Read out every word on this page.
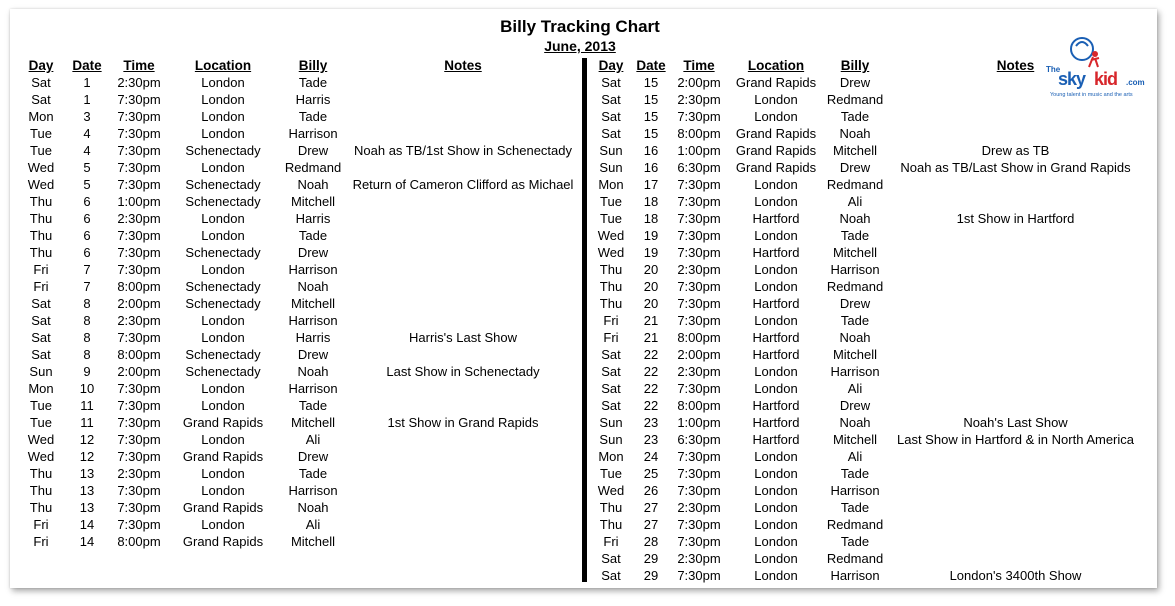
Billy Tracking Chart
June, 2013
The
sky kid .com
Young talent in music and the arts
Day	Date	Time	Location	Billy	Notes
Sat	1	2:30pm	London	Tade	
Sat	1	7:30pm	London	Harris	
Mon	3	7:30pm	London	Tade	
Tue	4	7:30pm	London	Harrison	
Tue	4	7:30pm	Schenectady	Drew	Noah as TB/1st Show in Schenectady
Wed	5	7:30pm	London	Redmand	
Wed	5	7:30pm	Schenectady	Noah	Return of Cameron Clifford as Michael
Thu	6	1:00pm	Schenectady	Mitchell	
Thu	6	2:30pm	London	Harris	
Thu	6	7:30pm	London	Tade	
Thu	6	7:30pm	Schenectady	Drew	
Fri	7	7:30pm	London	Harrison	
Fri	7	8:00pm	Schenectady	Noah	
Sat	8	2:00pm	Schenectady	Mitchell	
Sat	8	2:30pm	London	Harrison	
Sat	8	7:30pm	London	Harris	Harris's Last Show
Sat	8	8:00pm	Schenectady	Drew	
Sun	9	2:00pm	Schenectady	Noah	Last Show in Schenectady
Mon	10	7:30pm	London	Harrison	
Tue	11	7:30pm	London	Tade	
Tue	11	7:30pm	Grand Rapids	Mitchell	1st Show in Grand Rapids
Wed	12	7:30pm	London	Ali	
Wed	12	7:30pm	Grand Rapids	Drew	
Thu	13	2:30pm	London	Tade	
Thu	13	7:30pm	London	Harrison	
Thu	13	7:30pm	Grand Rapids	Noah	
Fri	14	7:30pm	London	Ali	
Fri	14	8:00pm	Grand Rapids	Mitchell	
Day	Date	Time	Location	Billy	Notes
Sat	15	2:00pm	Grand Rapids	Drew	
Sat	15	2:30pm	London	Redmand	
Sat	15	7:30pm	London	Tade	
Sat	15	8:00pm	Grand Rapids	Noah	
Sun	16	1:00pm	Grand Rapids	Mitchell	Drew as TB
Sun	16	6:30pm	Grand Rapids	Drew	Noah as TB/Last Show in Grand Rapids
Mon	17	7:30pm	London	Redmand	
Tue	18	7:30pm	London	Ali	
Tue	18	7:30pm	Hartford	Noah	1st Show in Hartford
Wed	19	7:30pm	London	Tade	
Wed	19	7:30pm	Hartford	Mitchell	
Thu	20	2:30pm	London	Harrison	
Thu	20	7:30pm	London	Redmand	
Thu	20	7:30pm	Hartford	Drew	
Fri	21	7:30pm	London	Tade	
Fri	21	8:00pm	Hartford	Noah	
Sat	22	2:00pm	Hartford	Mitchell	
Sat	22	2:30pm	London	Harrison	
Sat	22	7:30pm	London	Ali	
Sat	22	8:00pm	Hartford	Drew	
Sun	23	1:00pm	Hartford	Noah	Noah's Last Show
Sun	23	6:30pm	Hartford	Mitchell	Last Show in Hartford & in North America
Mon	24	7:30pm	London	Ali	
Tue	25	7:30pm	London	Tade	
Wed	26	7:30pm	London	Harrison	
Thu	27	2:30pm	London	Tade	
Thu	27	7:30pm	London	Redmand	
Fri	28	7:30pm	London	Tade	
Sat	29	2:30pm	London	Redmand	
Sat	29	7:30pm	London	Harrison	London's 3400th Show
